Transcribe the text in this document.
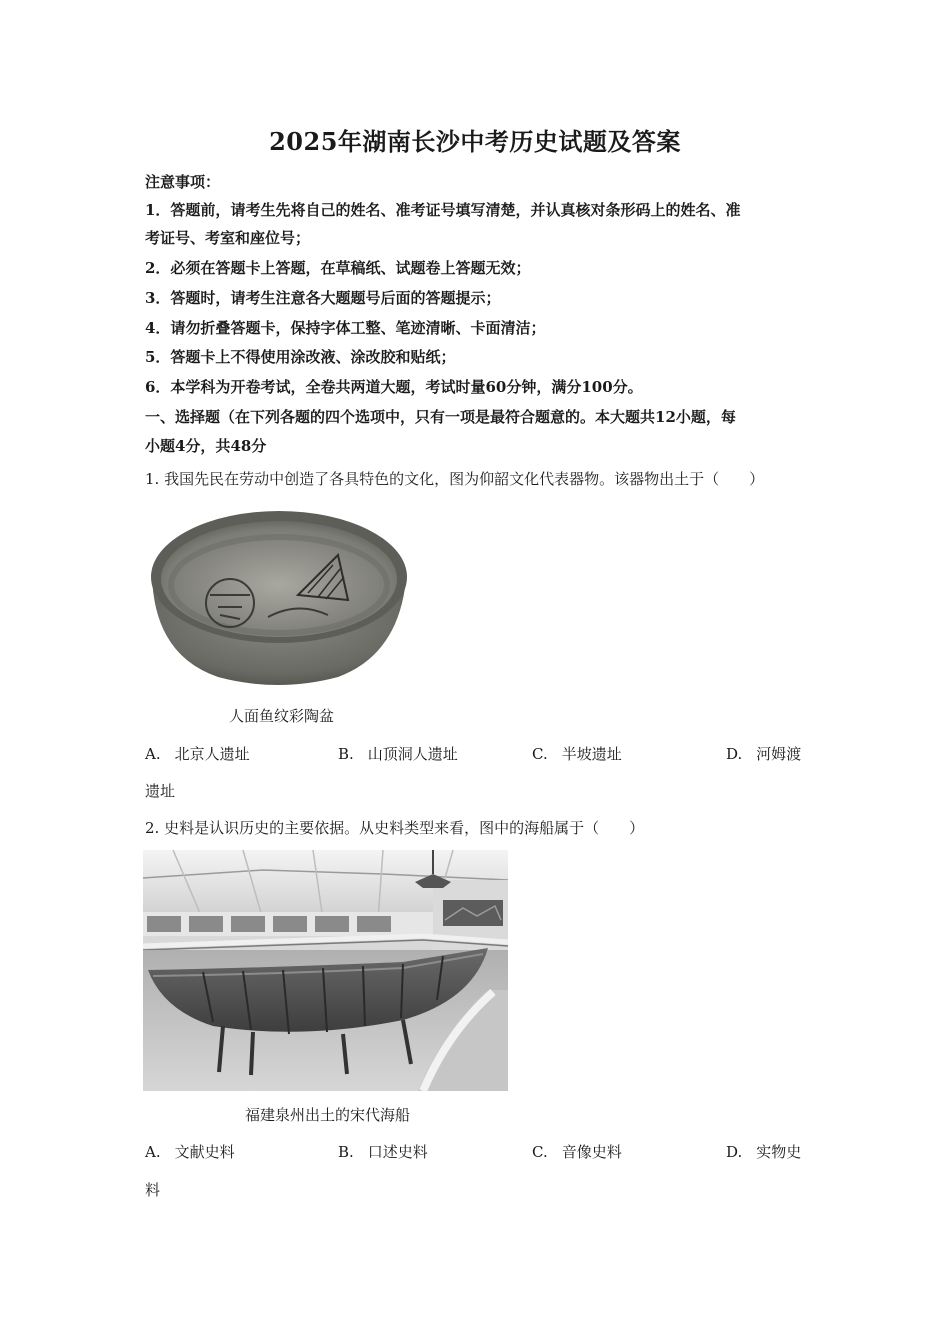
2025年湖南长沙中考历史试题及答案
注意事项：
1．答题前，请考生先将自己的姓名、准考证号填写清楚，并认真核对条形码上的姓名、准
考证号、考室和座位号；
2．必须在答题卡上答题，在草稿纸、试题卷上答题无效；
3．答题时，请考生注意各大题题号后面的答题提示；
4．请勿折叠答题卡，保持字体工整、笔迹清晰、卡面清洁；
5．答题卡上不得使用涂改液、涂改胶和贴纸；
6．本学科为开卷考试，全卷共两道大题，考试时量60分钟，满分100分。
一、选择题（在下列各题的四个选项中，只有一项是最符合题意的。本大题共12小题，每
小题4分，共48分
1. 我国先民在劳动中创造了各具特色的文化，图为仰韶文化代表器物。该器物出土于（　　）
人面鱼纹彩陶盆
A. 北京人遗址	B. 山顶洞人遗址	C. 半坡遗址	D. 河姆渡
遗址
2. 史料是认识历史的主要依据。从史料类型来看，图中的海船属于（　　）
福建泉州出土的宋代海船
A. 文献史料	B. 口述史料	C. 音像史料	D. 实物史
料
